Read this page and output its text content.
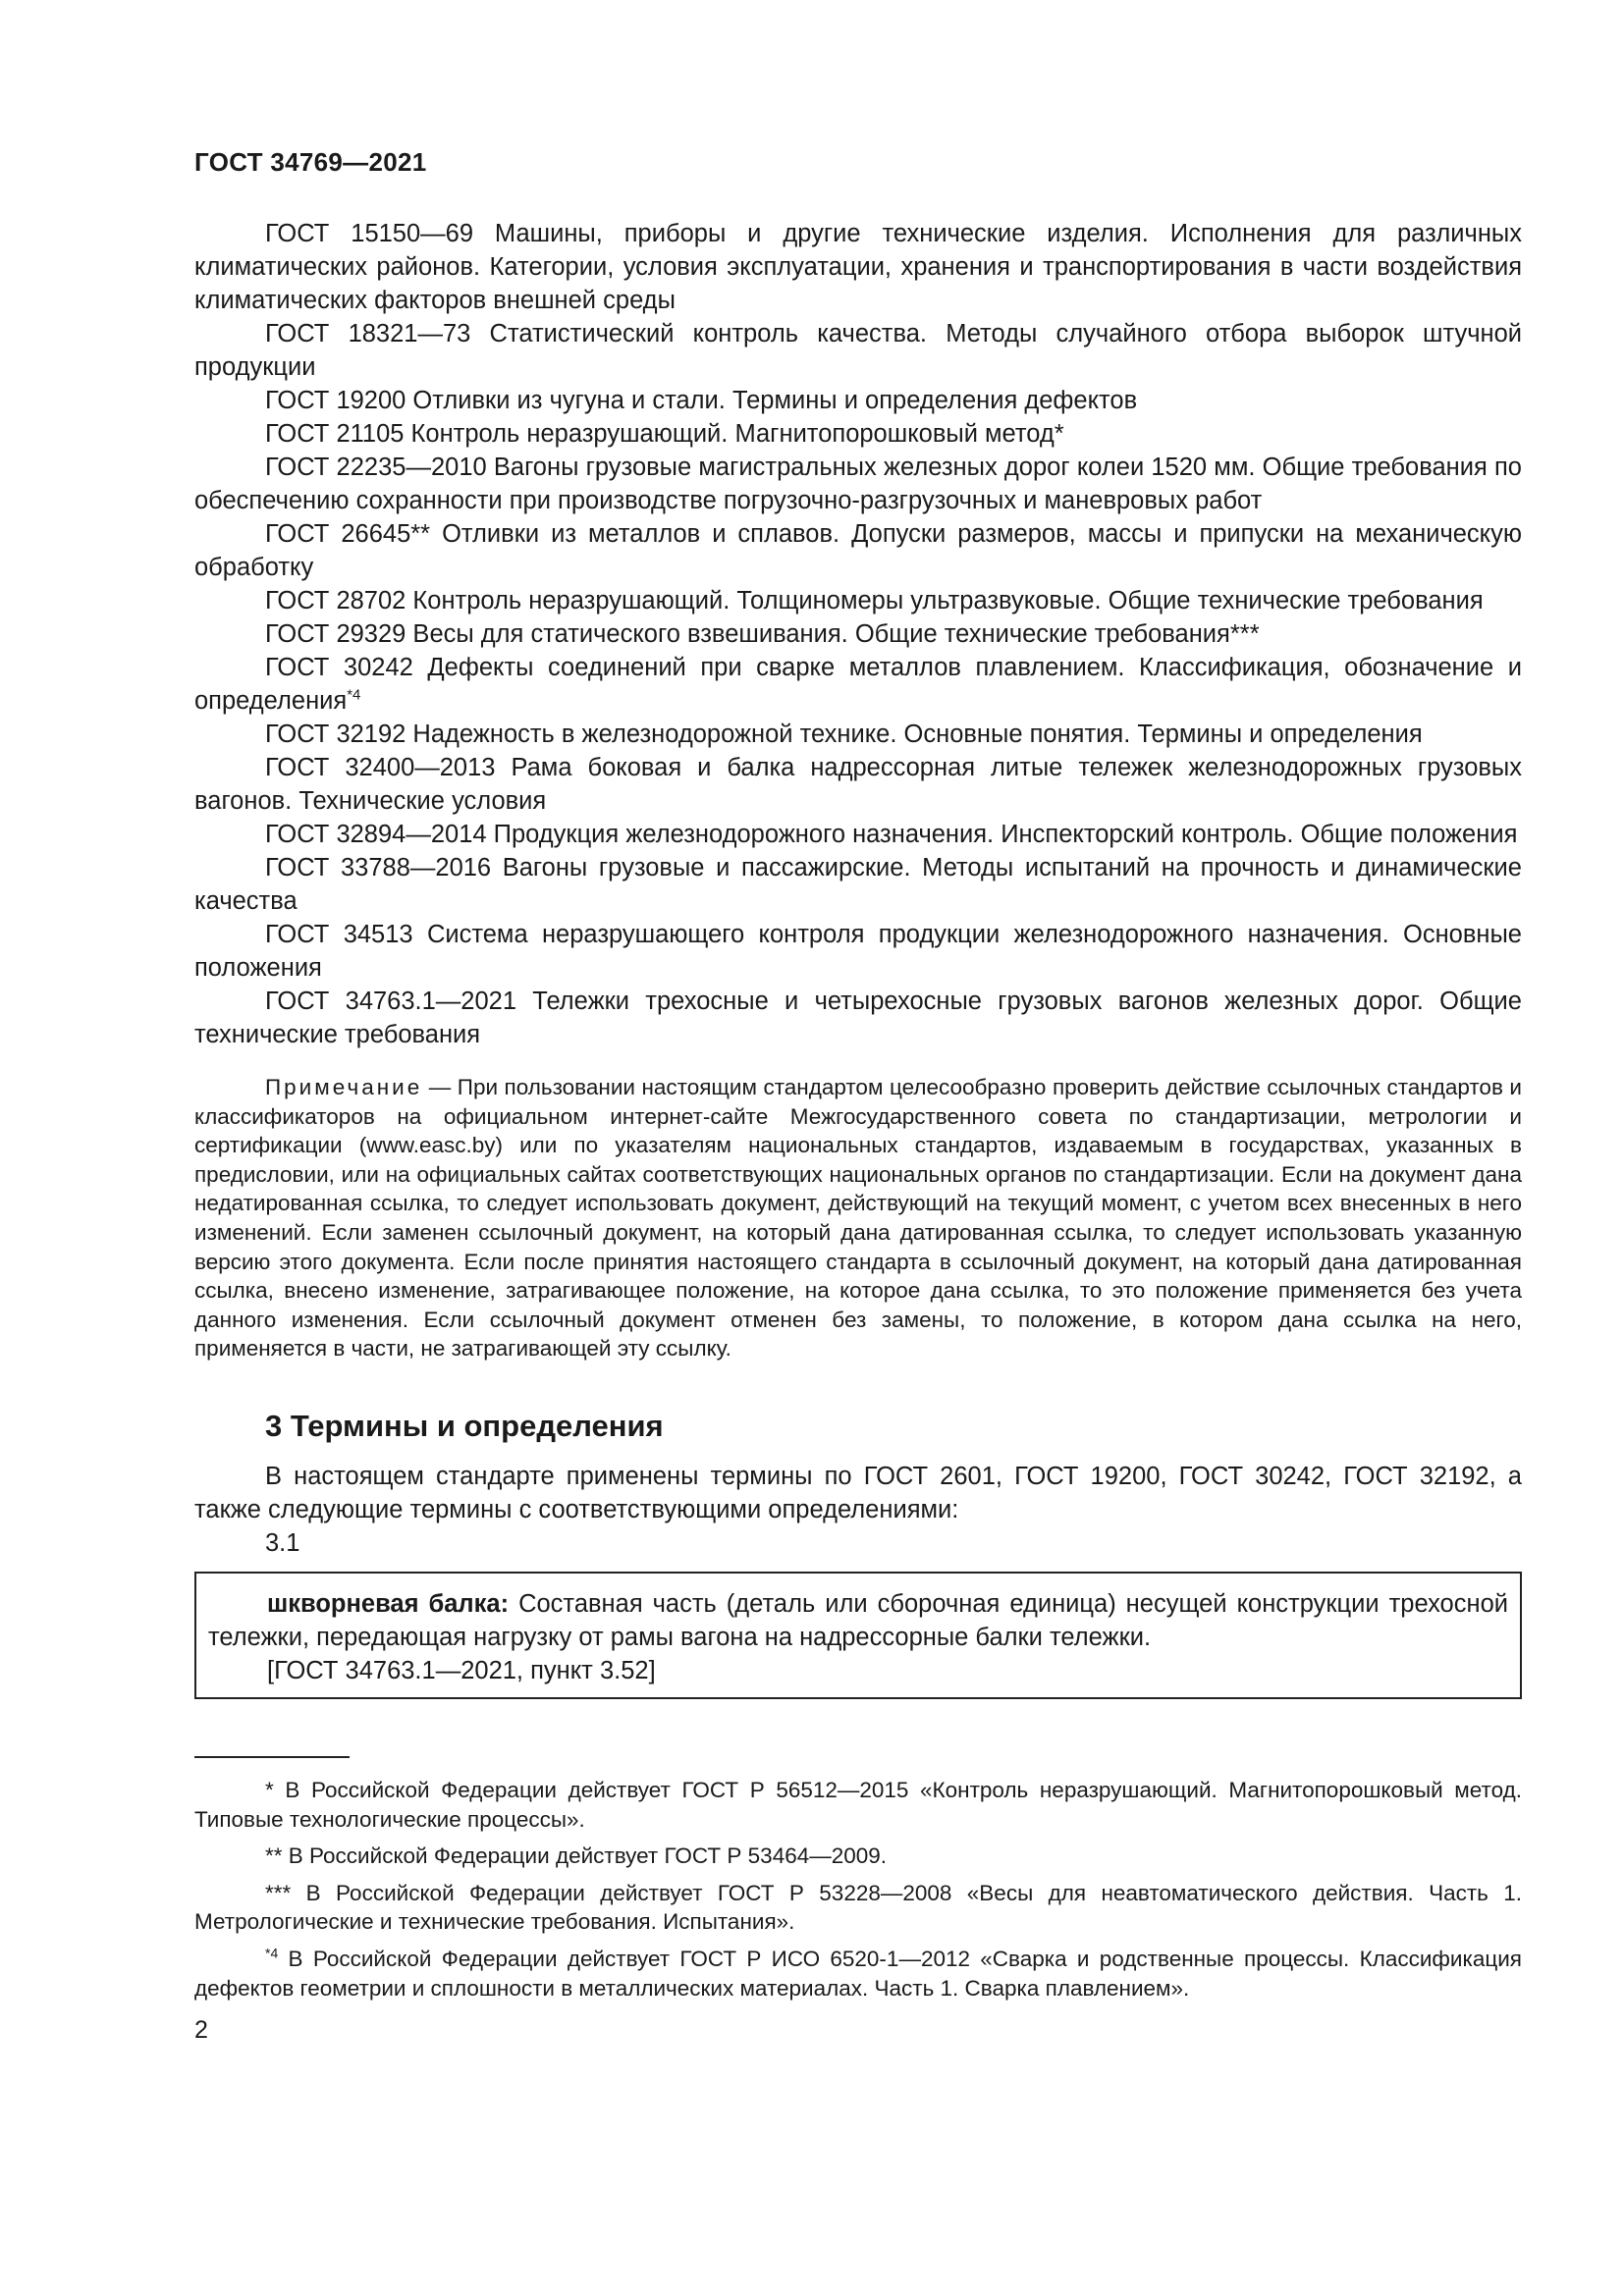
ГОСТ 34769—2021

ГОСТ 15150—69 Машины, приборы и другие технические изделия. Исполнения для различных климатических районов. Категории, условия эксплуатации, хранения и транспортирования в части воздействия климатических факторов внешней среды

ГОСТ 18321—73 Статистический контроль качества. Методы случайного отбора выборок штучной продукции

ГОСТ 19200 Отливки из чугуна и стали. Термины и определения дефектов

ГОСТ 21105 Контроль неразрушающий. Магнитопорошковый метод*

ГОСТ 22235—2010 Вагоны грузовые магистральных железных дорог колеи 1520 мм. Общие требования по обеспечению сохранности при производстве погрузочно-разгрузочных и маневровых работ

ГОСТ 26645** Отливки из металлов и сплавов. Допуски размеров, массы и припуски на механическую обработку

ГОСТ 28702 Контроль неразрушающий. Толщиномеры ультразвуковые. Общие технические требования

ГОСТ 29329 Весы для статического взвешивания. Общие технические требования***

ГОСТ 30242 Дефекты соединений при сварке металлов плавлением. Классификация, обозначение и определения$^{*4}$

ГОСТ 32192 Надежность в железнодорожной технике. Основные понятия. Термины и определения

ГОСТ 32400—2013 Рама боковая и балка надрессорная литые тележек железнодорожных грузовых вагонов. Технические условия

ГОСТ 32894—2014 Продукция железнодорожного назначения. Инспекторский контроль. Общие положения

ГОСТ 33788—2016 Вагоны грузовые и пассажирские. Методы испытаний на прочность и динамические качества

ГОСТ 34513 Система неразрушающего контроля продукции железнодорожного назначения. Основные положения

ГОСТ 34763.1—2021 Тележки трехосные и четырехосные грузовых вагонов железных дорог. Общие технические требования

Примечание — При пользовании настоящим стандартом целесообразно проверить действие ссылочных стандартов и классификаторов на официальном интернет-сайте Межгосударственного совета по стандартизации, метрологии и сертификации (www.easc.by) или по указателям национальных стандартов, издаваемым в государствах, указанных в предисловии, или на официальных сайтах соответствующих национальных органов по стандартизации. Если на документ дана недатированная ссылка, то следует использовать документ, действующий на текущий момент, с учетом всех внесенных в него изменений. Если заменен ссылочный документ, на который дана датированная ссылка, то следует использовать указанную версию этого документа. Если после принятия настоящего стандарта в ссылочный документ, на который дана датированная ссылка, внесено изменение, затрагивающее положение, на которое дана ссылка, то это положение применяется без учета данного изменения. Если ссылочный документ отменен без замены, то положение, в котором дана ссылка на него, применяется в части, не затрагивающей эту ссылку.

3 Термины и определения

В настоящем стандарте применены термины по ГОСТ 2601, ГОСТ 19200, ГОСТ 30242, ГОСТ 32192, а также следующие термины с соответствующими определениями:

3.1

шкворневая балка: Составная часть (деталь или сборочная единица) несущей конструкции трехосной тележки, передающая нагрузку от рамы вагона на надрессорные балки тележки.

[ГОСТ 34763.1—2021, пункт 3.52]

* В Российской Федерации действует ГОСТ Р 56512—2015 «Контроль неразрушающий. Магнитопорошковый метод. Типовые технологические процессы».

** В Российской Федерации действует ГОСТ Р 53464—2009.

*** В Российской Федерации действует ГОСТ Р 53228—2008 «Весы для неавтоматического действия. Часть 1. Метрологические и технические требования. Испытания».

$^{*4}$ В Российской Федерации действует ГОСТ Р ИСО 6520-1—2012 «Сварка и родственные процессы. Классификация дефектов геометрии и сплошности в металлических материалах. Часть 1. Сварка плавлением».

2
